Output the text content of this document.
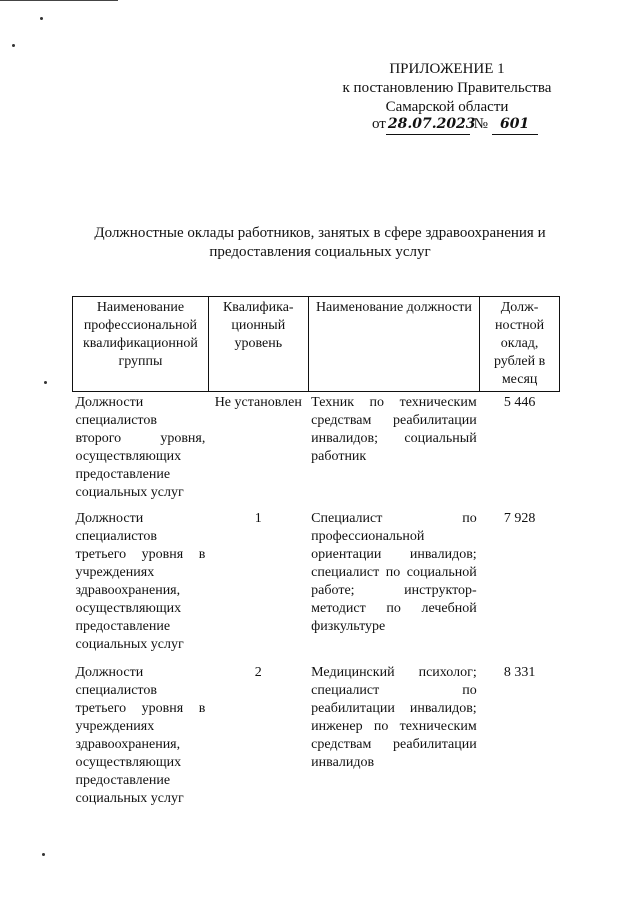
ПРИЛОЖЕНИЕ 1
к постановлению Правительства
Самарской области
от 28.07.2023 № 601
Должностные оклады работников, занятых в сфере здравоохранения и
предоставления социальных услуг
Наименование профессиональной квалификационной группы	Квалифика-ционный уровень	Наименование должности	Долж-ностной оклад, рублей в месяц
Должности специалистов второго уровня, осуществляющих предоставление социальных услуг	Не установлен	Техник по техническим средствам реабилитации инвалидов; социальный работник	5 446
Должности специалистов третьего уровня в учреждениях здравоохранения, осуществляющих предоставление социальных услуг	1	Специалист по профессиональной ориентации инвалидов; специалист по социальной работе; инструктор-методист по лечебной физкультуре	7 928
Должности специалистов третьего уровня в учреждениях здравоохранения, осуществляющих предоставление социальных услуг	2	Медицинский психолог; специалист по реабилитации инвалидов; инженер по техническим средствам реабилитации инвалидов	8 331
